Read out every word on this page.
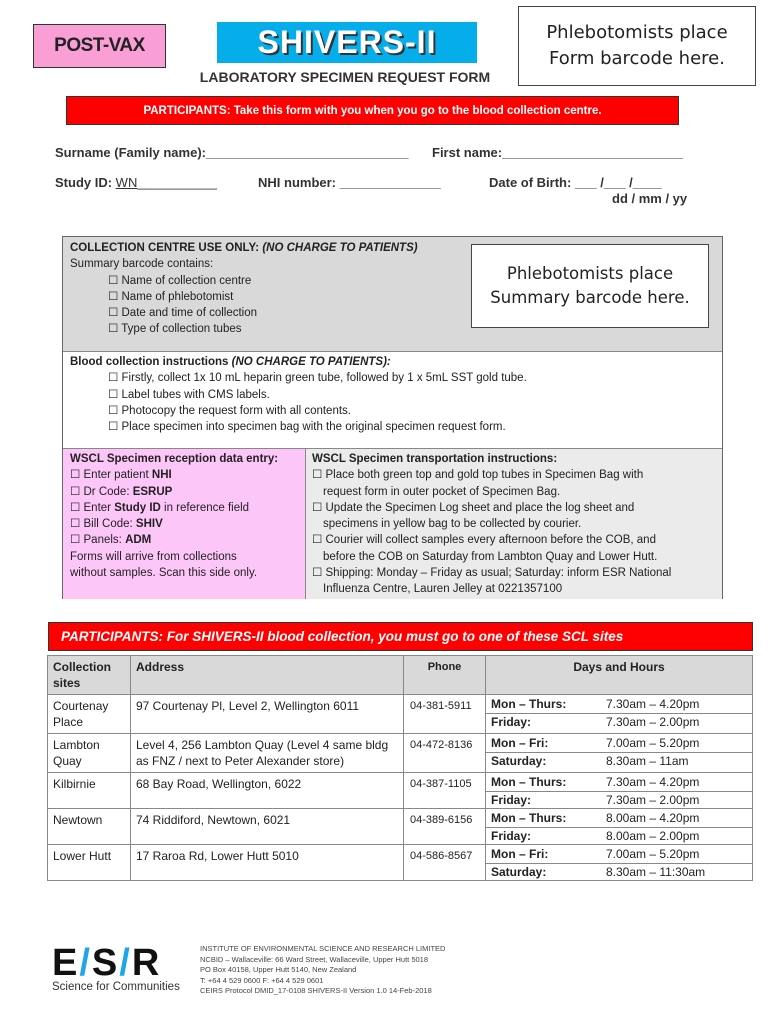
POST-VAX	SHIVERS-II
LABORATORY SPECIMEN REQUEST FORM
Phlebotomists place
Form barcode here.
PARTICIPANTS: Take this form with you when you go to the blood collection centre.
Surname (Family name):____________________________ First name:_________________________
Study ID: WN___________	NHI number: ______________	Date of Birth: ___ /___ /____
dd / mm / yy
COLLECTION CENTRE USE ONLY: (NO CHARGE TO PATIENTS)
Summary barcode contains:
☐ Name of collection centre
☐ Name of phlebotomist
☐ Date and time of collection
☐ Type of collection tubes
Phlebotomists place
Summary barcode here.
Blood collection instructions (NO CHARGE TO PATIENTS):
☐ Firstly, collect 1x 10 mL heparin green tube, followed by 1 x 5mL SST gold tube.
☐ Label tubes with CMS labels.
☐ Photocopy the request form with all contents.
☐ Place specimen into specimen bag with the original specimen request form.
WSCL Specimen reception data entry:
☐ Enter patient NHI
☐ Dr Code: ESRUP
☐ Enter Study ID in reference field
☐ Bill Code: SHIV
☐ Panels: ADM
Forms will arrive from collections
without samples. Scan this side only.
WSCL Specimen transportation instructions:
☐ Place both green top and gold top tubes in Specimen Bag with
request form in outer pocket of Specimen Bag.
☐ Update the Specimen Log sheet and place the log sheet and
specimens in yellow bag to be collected by courier.
☐ Courier will collect samples every afternoon before the COB, and
before the COB on Saturday from Lambton Quay and Lower Hutt.
☐ Shipping: Monday – Friday as usual; Saturday: inform ESR National
Influenza Centre, Lauren Jelley at 0221357100
PARTICIPANTS: For SHIVERS-II blood collection, you must go to one of these SCL sites
Collection sites	Address	Phone	Days and Hours
Courtenay Place	97 Courtenay Pl, Level 2, Wellington 6011	04-381-5911	Mon – Thurs: 7.30am – 4.20pm
Friday: 7.30am – 2.00pm

Lambton Quay	Level 4, 256 Lambton Quay (Level 4 same bldg as FNZ / next to Peter Alexander store)	04-472-8136	Mon – Fri: 7.00am – 5.20pm
Saturday: 8.30am – 11am

Kilbirnie	68 Bay Road, Wellington, 6022	04-387-1105	Mon – Thurs: 7.30am – 4.20pm
Friday: 7.30am – 2.00pm

Newtown	74 Riddiford, Newtown, 6021	04-389-6156	Mon – Thurs: 8.00am – 4.20pm
Friday: 8.00am – 2.00pm

Lower Hutt	17 Raroa Rd, Lower Hutt 5010	04-586-8567	Mon – Fri: 7.00am – 5.20pm
Saturday: 8.30am – 11:30am
E/S/R
Science for Communities
INSTITUTE OF ENVIRONMENTAL SCIENCE AND RESEARCH LIMITED
NCBID – Wallaceville: 66 Ward Street, Wallaceville, Upper Hutt 5018
PO Box 40158, Upper Hutt 5140, New Zealand
T: +64 4 529 0600 F: +64 4 529 0601
CEIRS Protocol DMID_17-0108 SHIVERS-II Version 1.0 14-Feb-2018
